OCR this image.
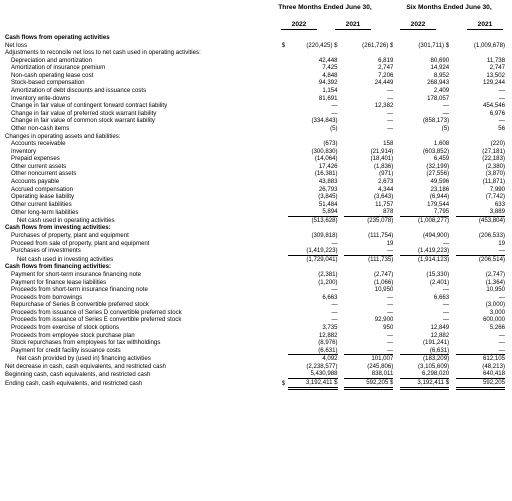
Three Months Ended June 30,	Six Months Ended June 30,
2022	2021	2022	2021
Cash flows from operating activities								
Net loss	$	(220,425) $		(261,726) $		(301,711) $		(1,009,678)
Adjustments to reconcile net loss to net cash used in operating activities:								
Depreciation and amortization		42,448		6,819		80,690		11,738
Amortization of insurance premium		7,425		2,747		14,924		2,747
Non-cash operating lease cost		4,848		7,206		8,952		13,502
Stock-based compensation		94,392		24,449		268,943		129,244
Amortization of debt discounts and issuance costs		1,154		—		2,409		—
Inventory write-downs		81,691		—		178,057		—
Change in fair value of contingent forward contract liability		—		12,382		—		454,546
Change in fair value of preferred stock warrant liability		—		—		—		6,976
Change in fair value of common stock warrant liability		(334,843)		—		(858,173)		—
Other non-cash items		(5)		—		(5)		56
Changes in operating assets and liabilities:								
Accounts receivable		(673)		158		1,608		(220)
Inventory		(300,830)		(21,914)		(603,852)		(27,181)
Prepaid expenses		(14,064)		(18,401)		6,459		(22,183)
Other current assets		17,426		(1,836)		(32,199)		(2,380)
Other noncurrent assets		(16,381)		(971)		(27,556)		(3,870)
Accounts payable		43,883		2,673		49,596		(11,871)
Accrued compensation		26,793		4,344		23,186		7,990
Operating lease liability		(3,845)		(3,643)		(6,944)		(7,742)
Other current liabilities		51,484		11,757		179,544		633
Other long-term liabilities		5,894		878		7,795		3,889
Net cash used in operating activities		(513,628)		(235,078)		(1,008,277)		(453,804)
Cash flows from investing activities:								
Purchases of property, plant and equipment		(309,818)		(111,754)		(494,900)		(206,533)
Proceed from sale of property, plant and equipment		—		19		—		19
Purchases of investments		(1,419,223)		—		(1,419,223)		—
Net cash used in investing activities		(1,729,041)		(111,735)		(1,914,123)		(206,514)
Cash flows from financing activities:								
Payment for short-term insurance financing note		(2,381)		(2,747)		(15,330)		(2,747)
Payment for finance lease liabilities		(1,200)		(1,066)		(2,401)		(1,364)
Proceeds from short-term insurance financing note		—		10,950		—		10,950
Proceeds from borrowings		6,663		—		6,663		—
Repurchase of Series B convertible preferred stock		—		—		—		(3,000)
Proceeds from issuance of Series D convertible preferred stock		—		—		—		3,000
Proceeds from issuance of Series E convertible preferred stock		—		92,900		—		600,000
Proceeds from exercise of stock options		3,735		950		12,849		5,266
Proceeds from employee stock purchase plan		12,882		—		12,882		—
Stock repurchases from employees for tax withholdings		(8,976)		—		(191,241)		—
Payment for credit facility issuance costs		(6,631)		—		(6,631)		—
Net cash provided by (used in) financing activities		4,092		101,007		(183,209)		612,105
Net decrease in cash, cash equivalents, and restricted cash		(2,238,577)		(245,806)		(3,105,609)		(48,213)
Beginning cash, cash equivalents, and restricted cash		5,430,988		838,011		6,298,020		640,418
Ending cash, cash equivalents, and restricted cash	$	3,192,411 $		592,205 $		3,192,411 $		592,205
